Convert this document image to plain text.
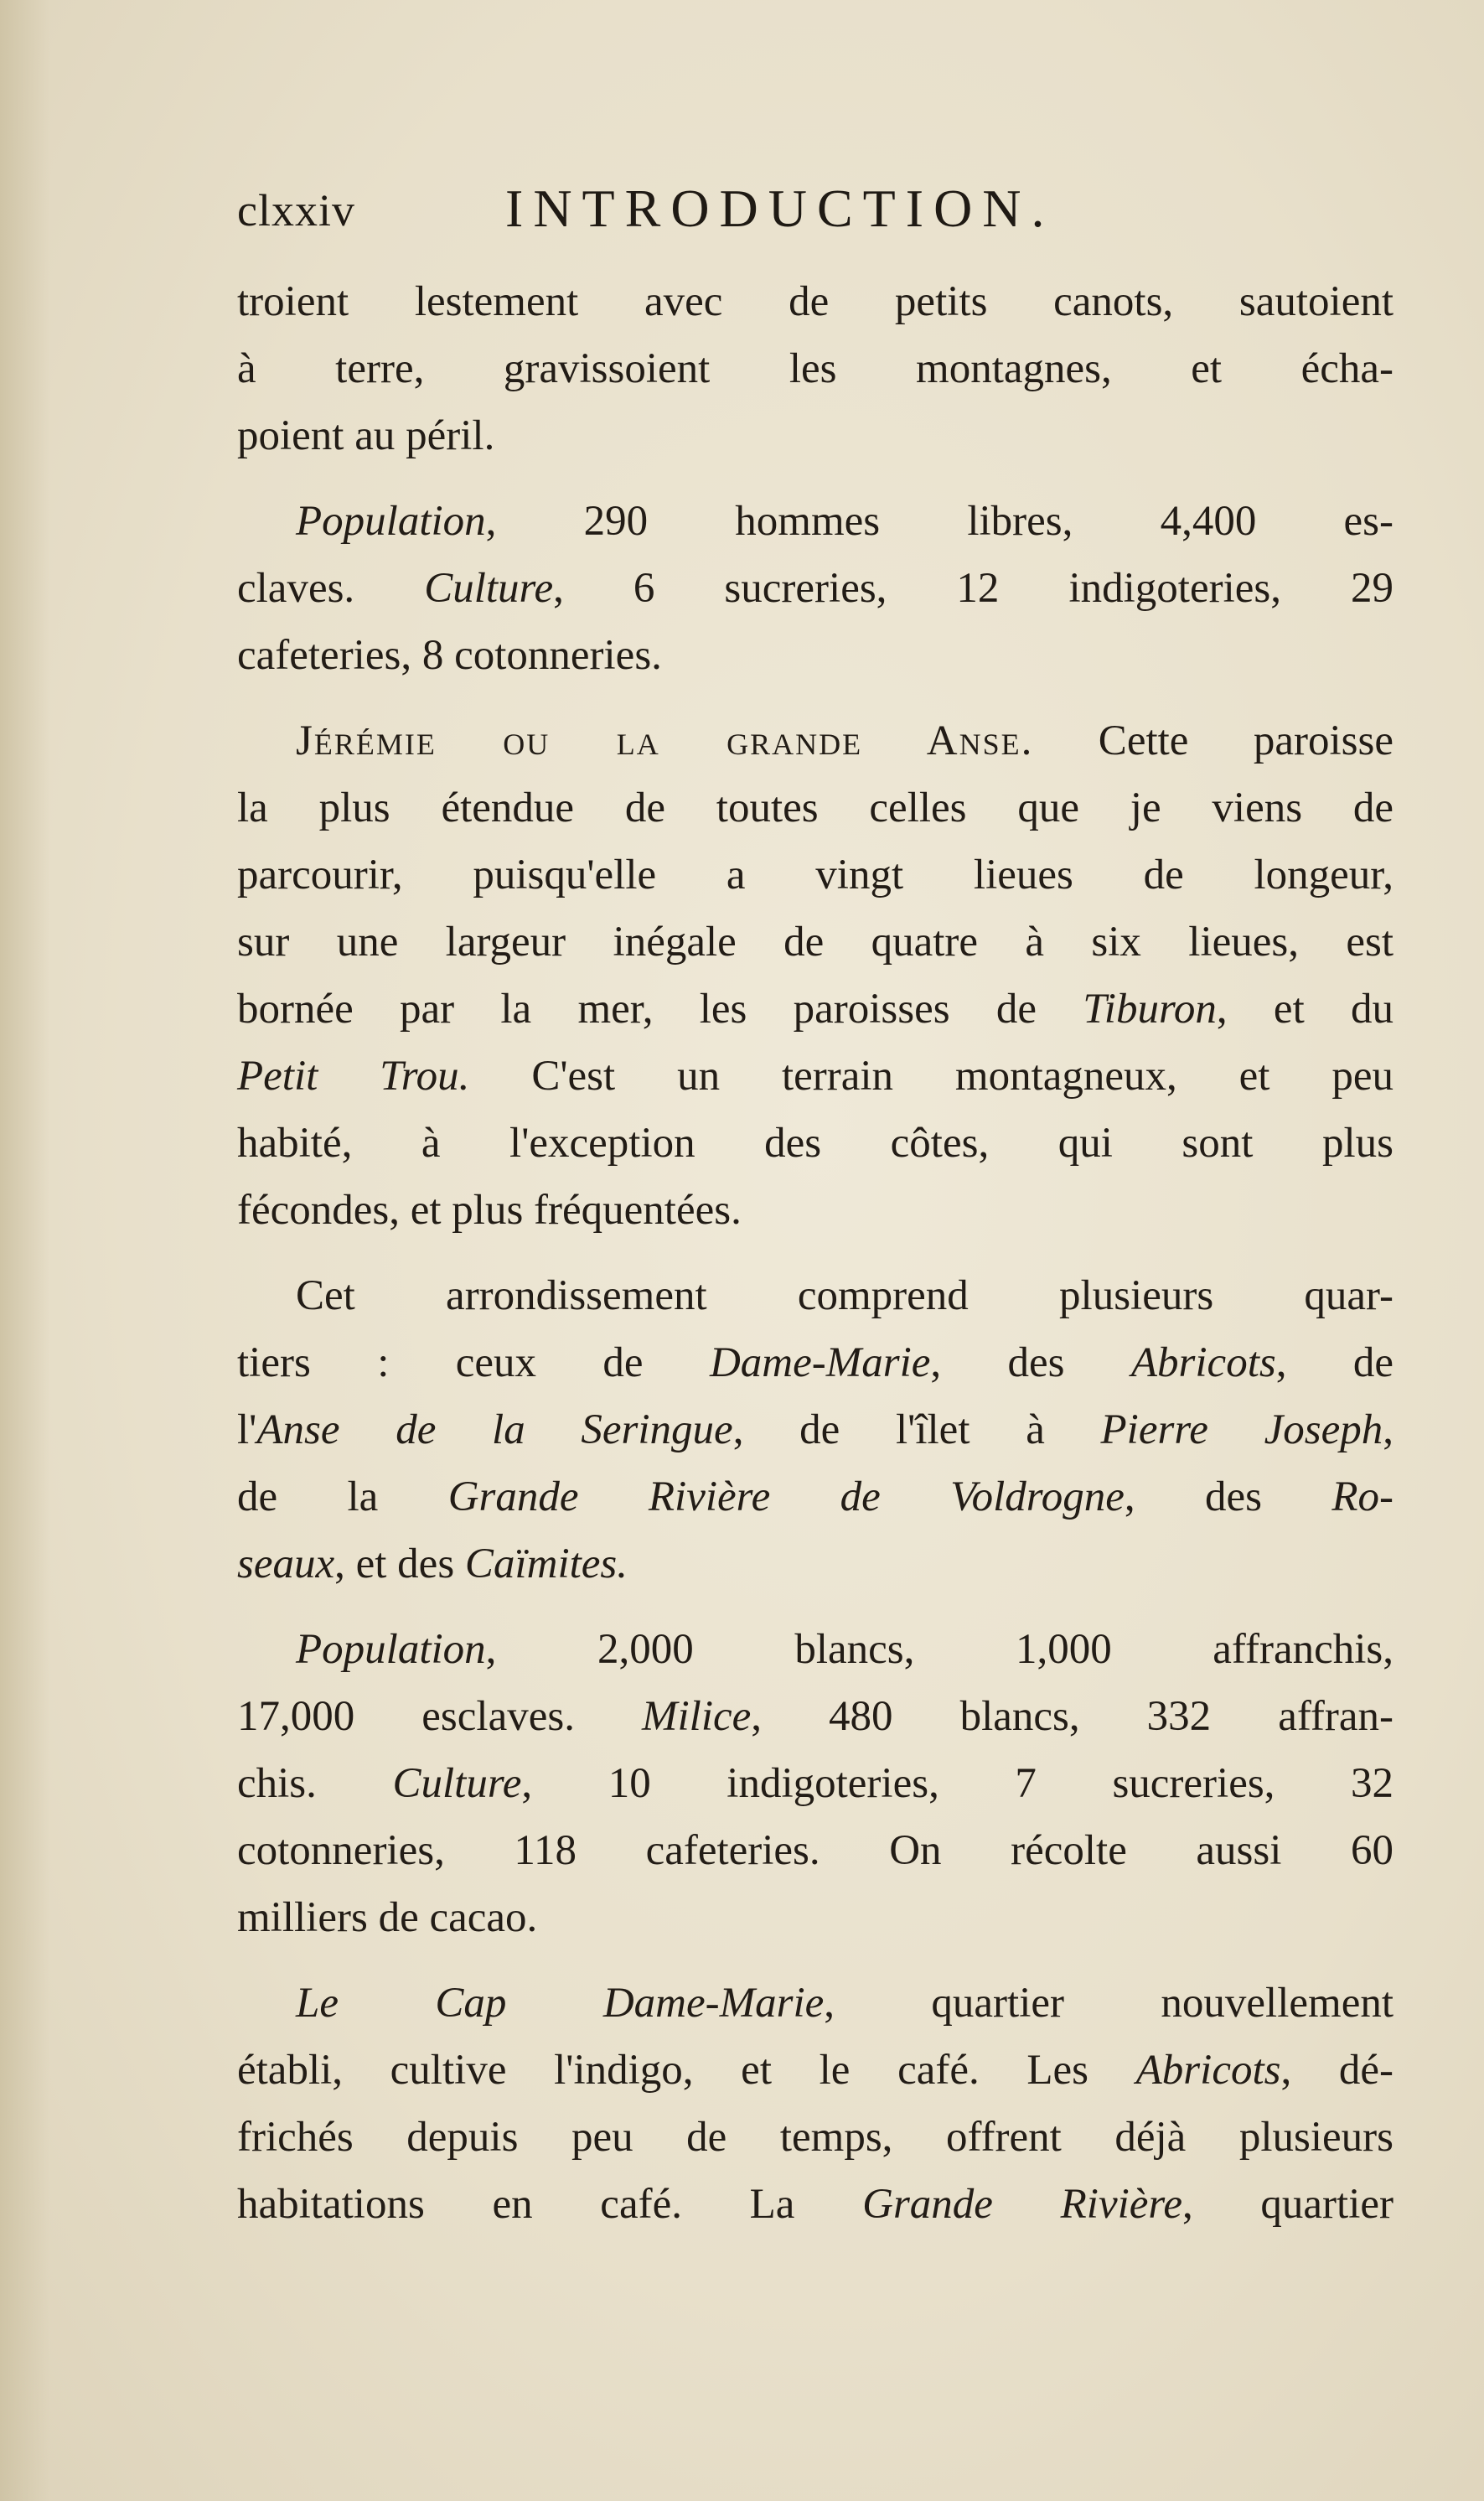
clxxiv	INTRODUCTION.

troient lestement avec de petits canots, sautoient
à terre, gravissoient les montagnes, et écha-
poient au péril.

Population, 290 hommes libres, 4,400 es-
claves. Culture, 6 sucreries, 12 indigoteries, 29
cafeteries, 8 cotonneries.

Jérémie ou la grande Anse. Cette paroisse
la plus étendue de toutes celles que je viens de
parcourir, puisqu'elle a vingt lieues de longeur,
sur une largeur inégale de quatre à six lieues, est
bornée par la mer, les paroisses de Tiburon, et du
Petit Trou. C'est un terrain montagneux, et peu
habité, à l'exception des côtes, qui sont plus
fécondes, et plus fréquentées.

Cet arrondissement comprend plusieurs quar-
tiers : ceux de Dame-Marie, des Abricots, de
l'Anse de la Seringue, de l'îlet à Pierre Joseph,
de la Grande Rivière de Voldrogne, des Ro-
seaux, et des Caïmites.

Population, 2,000 blancs, 1,000 affranchis,
17,000 esclaves. Milice, 480 blancs, 332 affran-
chis. Culture, 10 indigoteries, 7 sucreries, 32
cotonneries, 118 cafeteries. On récolte aussi 60
milliers de cacao.

Le Cap Dame-Marie, quartier nouvellement
établi, cultive l'indigo, et le café. Les Abricots, dé-
frichés depuis peu de temps, offrent déjà plusieurs
habitations en café. La Grande Rivière, quartier
